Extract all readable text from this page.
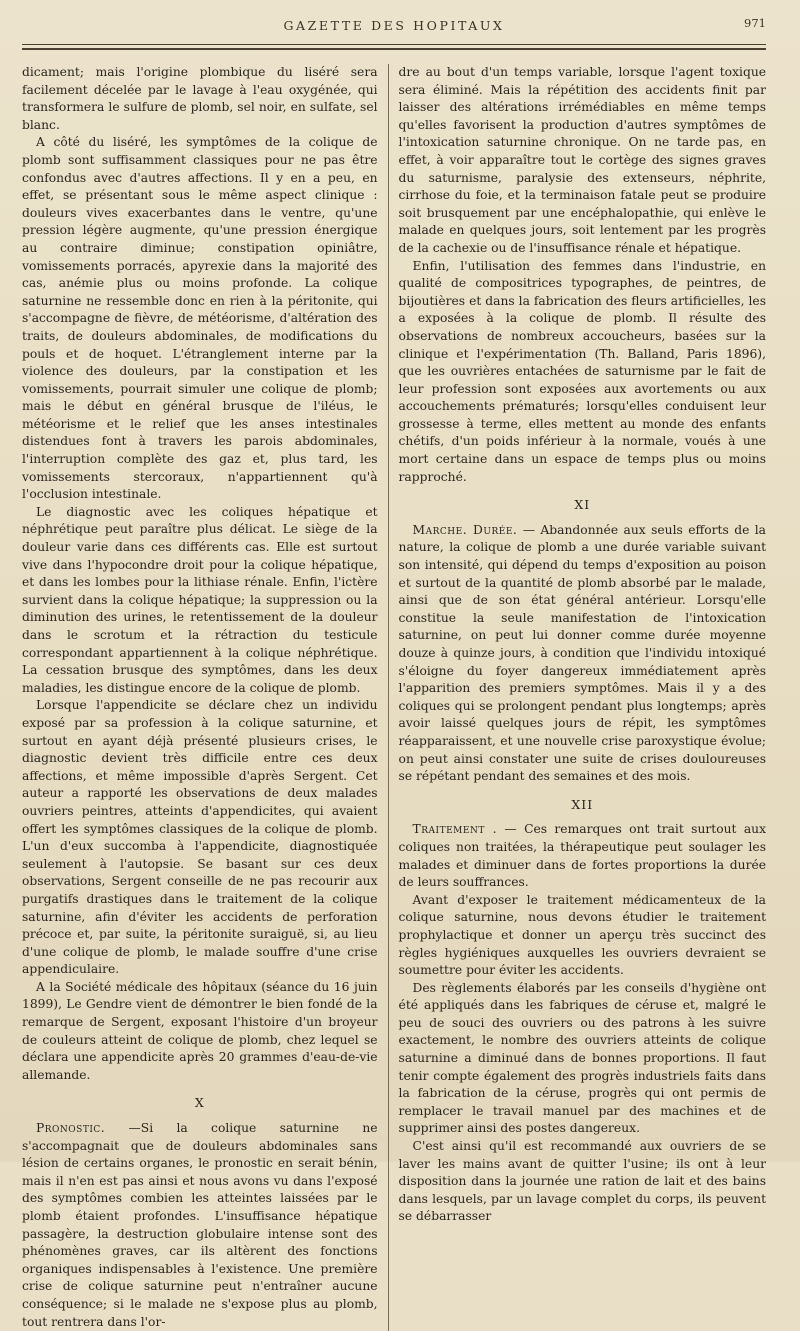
GAZETTE DES HOPITAUX	971

dicament; mais l'origine plombique du liséré sera facilement décelée par le lavage à l'eau oxygénée, qui transformera le sulfure de plomb, sel noir, en sulfate, sel blanc.

A côté du liséré, les symptômes de la colique de plomb sont suffisamment classiques pour ne pas être confondus avec d'autres affections. Il y en a peu, en effet, se présentant sous le même aspect clinique : douleurs vives exacerbantes dans le ventre, qu'une pression légère augmente, qu'une pression énergique au contraire diminue; constipation opiniâtre, vomissements porracés, apyrexie dans la majorité des cas, anémie plus ou moins profonde. La colique saturnine ne ressemble donc en rien à la péritonite, qui s'accompagne de fièvre, de météorisme, d'altération des traits, de douleurs abdominales, de modifications du pouls et de hoquet. L'étranglement interne par la violence des douleurs, par la constipation et les vomissements, pourrait simuler une colique de plomb; mais le début en général brusque de l'iléus, le météorisme et le relief que les anses intestinales distendues font à travers les parois abdominales, l'interruption complète des gaz et, plus tard, les vomissements stercoraux, n'appartiennent qu'à l'occlusion intestinale.

Le diagnostic avec les coliques hépatique et néphrétique peut paraître plus délicat. Le siège de la douleur varie dans ces différents cas. Elle est surtout vive dans l'hypocondre droit pour la colique hépatique, et dans les lombes pour la lithiase rénale. Enfin, l'ictère survient dans la colique hépatique; la suppression ou la diminution des urines, le retentissement de la douleur dans le scrotum et la rétraction du testicule correspondant appartiennent à la colique néphrétique. La cessation brusque des symptômes, dans les deux maladies, les distingue encore de la colique de plomb.

Lorsque l'appendicite se déclare chez un individu exposé par sa profession à la colique saturnine, et surtout en ayant déjà présenté plusieurs crises, le diagnostic devient très difficile entre ces deux affections, et même impossible d'après Sergent. Cet auteur a rapporté les observations de deux malades ouvriers peintres, atteints d'appendicites, qui avaient offert les symptômes classiques de la colique de plomb. L'un d'eux succomba à l'appendicite, diagnostiquée seulement à l'autopsie. Se basant sur ces deux observations, Sergent conseille de ne pas recourir aux purgatifs drastiques dans le traitement de la colique saturnine, afin d'éviter les accidents de perforation précoce et, par suite, la péritonite suraiguë, si, au lieu d'une colique de plomb, le malade souffre d'une crise appendiculaire.

A la Société médicale des hôpitaux (séance du 16 juin 1899), Le Gendre vient de démontrer le bien fondé de la remarque de Sergent, exposant l'histoire d'un broyeur de couleurs atteint de colique de plomb, chez lequel se déclara une appendicite après 20 grammes d'eau-de-vie allemande.

X

Pronostic. —Si la colique saturnine ne s'accompagnait que de douleurs abdominales sans lésion de certains organes, le pronostic en serait bénin, mais il n'en est pas ainsi et nous avons vu dans l'exposé des symptômes combien les atteintes laissées par le plomb étaient profondes. L'insuffisance hépatique passagère, la destruction globulaire intense sont des phénomènes graves, car ils altèrent des fonctions organiques indispensables à l'existence. Une première crise de colique saturnine peut n'entraîner aucune conséquence; si le malade ne s'expose plus au plomb, tout rentrera dans l'or-

dre au bout d'un temps variable, lorsque l'agent toxique sera éliminé. Mais la répétition des accidents finit par laisser des altérations irrémédiables en même temps qu'elles favorisent la production d'autres symptômes de l'intoxication saturnine chronique. On ne tarde pas, en effet, à voir apparaître tout le cortège des signes graves du saturnisme, paralysie des extenseurs, néphrite, cirrhose du foie, et la terminaison fatale peut se produire soit brusquement par une encéphalopathie, qui enlève le malade en quelques jours, soit lentement par les progrès de la cachexie ou de l'insuffisance rénale et hépatique.

Enfin, l'utilisation des femmes dans l'industrie, en qualité de compositrices typographes, de peintres, de bijoutières et dans la fabrication des fleurs artificielles, les a exposées à la colique de plomb. Il résulte des observations de nombreux accoucheurs, basées sur la clinique et l'expérimentation (Th. Balland, Paris 1896), que les ouvrières entachées de saturnisme par le fait de leur profession sont exposées aux avortements ou aux accouchements prématurés; lorsqu'elles conduisent leur grossesse à terme, elles mettent au monde des enfants chétifs, d'un poids inférieur à la normale, voués à une mort certaine dans un espace de temps plus ou moins rapproché.

XI

Marche. Durée. — Abandonnée aux seuls efforts de la nature, la colique de plomb a une durée variable suivant son intensité, qui dépend du temps d'exposition au poison et surtout de la quantité de plomb absorbé par le malade, ainsi que de son état général antérieur. Lorsqu'elle constitue la seule manifestation de l'intoxication saturnine, on peut lui donner comme durée moyenne douze à quinze jours, à condition que l'individu intoxiqué s'éloigne du foyer dangereux immédiatement après l'apparition des premiers symptômes. Mais il y a des coliques qui se prolongent pendant plus longtemps; après avoir laissé quelques jours de répit, les symptômes réapparaissent, et une nouvelle crise paroxystique évolue; on peut ainsi constater une suite de crises douloureuses se répétant pendant des semaines et des mois.

XII

Traitement . — Ces remarques ont trait surtout aux coliques non traitées, la thérapeutique peut soulager les malades et diminuer dans de fortes proportions la durée de leurs souffrances.

Avant d'exposer le traitement médicamenteux de la colique saturnine, nous devons étudier le traitement prophylactique et donner un aperçu très succinct des règles hygiéniques auxquelles les ouvriers devraient se soumettre pour éviter les accidents.

Des règlements élaborés par les conseils d'hygiène ont été appliqués dans les fabriques de céruse et, malgré le peu de souci des ouvriers ou des patrons à les suivre exactement, le nombre des ouvriers atteints de colique saturnine a diminué dans de bonnes proportions. Il faut tenir compte également des progrès industriels faits dans la fabrication de la céruse, progrès qui ont permis de remplacer le travail manuel par des machines et de supprimer ainsi des postes dangereux.

C'est ainsi qu'il est recommandé aux ouvriers de se laver les mains avant de quitter l'usine; ils ont à leur disposition dans la journée une ration de lait et des bains dans lesquels, par un lavage complet du corps, ils peuvent se débarrasser
